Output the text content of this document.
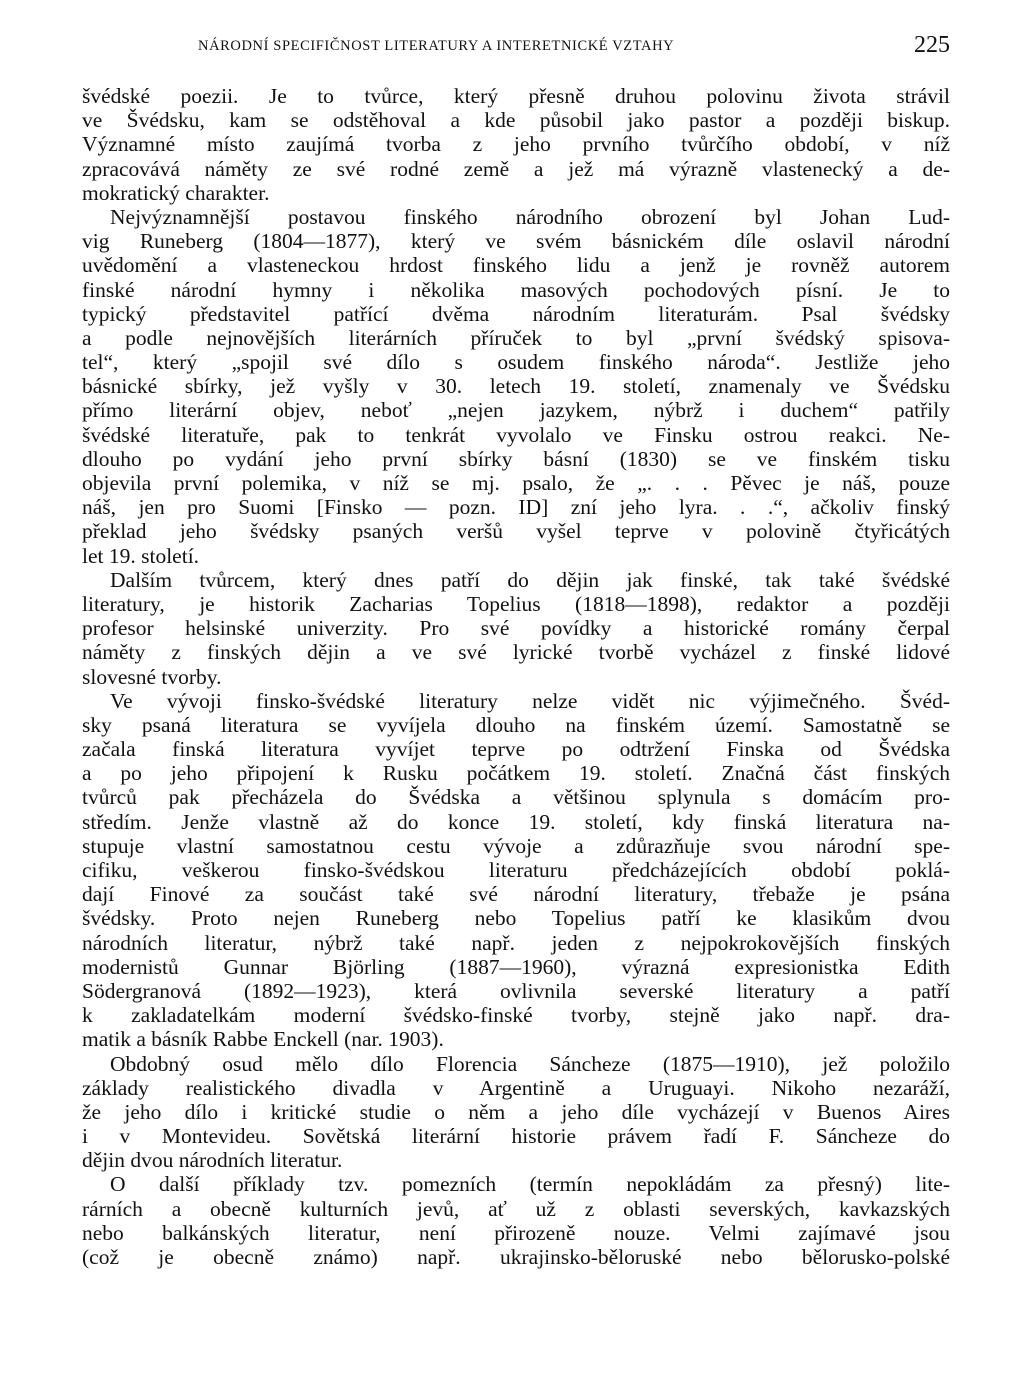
NÁRODNÍ SPECIFIČNOST LITERATURY A INTERETNICKÉ VZTAHY	225
švédské poezii. Je to tvůrce, který přesně druhou polovinu života strávil
ve Švédsku, kam se odstěhoval a kde působil jako pastor a později biskup.
Významné místo zaujímá tvorba z jeho prvního tvůrčího období, v níž
zpracovává náměty ze své rodné země a jež má výrazně vlastenecký a de-
mokratický charakter.
Nejvýznamnější postavou finského národního obrození byl Johan Lud-
vig Runeberg (1804—1877), který ve svém básnickém díle oslavil národní
uvědomění a vlasteneckou hrdost finského lidu a jenž je rovněž autorem
finské národní hymny i několika masových pochodových písní. Je to
typický představitel patřící dvěma národním literaturám. Psal švédsky
a podle nejnovějších literárních příruček to byl „první švédský spisova-
tel“, který „spojil své dílo s osudem finského národa“. Jestliže jeho
básnické sbírky, jež vyšly v 30. letech 19. století, znamenaly ve Švédsku
přímo literární objev, neboť „nejen jazykem, nýbrž i duchem“ patřily
švédské literatuře, pak to tenkrát vyvolalo ve Finsku ostrou reakci. Ne-
dlouho po vydání jeho první sbírky básní (1830) se ve finském tisku
objevila první polemika, v níž se mj. psalo, že „. . . Pěvec je náš, pouze
náš, jen pro Suomi [Finsko — pozn. ID] zní jeho lyra. . .“, ačkoliv finský
překlad jeho švédsky psaných veršů vyšel teprve v polovině čtyřicátých
let 19. století.
Dalším tvůrcem, který dnes patří do dějin jak finské, tak také švédské
literatury, je historik Zacharias Topelius (1818—1898), redaktor a později
profesor helsinské univerzity. Pro své povídky a historické romány čerpal
náměty z finských dějin a ve své lyrické tvorbě vycházel z finské lidové
slovesné tvorby.
Ve vývoji finsko-švédské literatury nelze vidět nic výjimečného. Švéd-
sky psaná literatura se vyvíjela dlouho na finském území. Samostatně se
začala finská literatura vyvíjet teprve po odtržení Finska od Švédska
a po jeho připojení k Rusku počátkem 19. století. Značná část finských
tvůrců pak přecházela do Švédska a většinou splynula s domácím pro-
středím. Jenže vlastně až do konce 19. století, kdy finská literatura na-
stupuje vlastní samostatnou cestu vývoje a zdůrazňuje svou národní spe-
cifiku, veškerou finsko-švédskou literaturu předcházejících období poklá-
dají Finové za součást také své národní literatury, třebaže je psána
švédsky. Proto nejen Runeberg nebo Topelius patří ke klasikům dvou
národních literatur, nýbrž také např. jeden z nejpokrokovějších finských
modernistů Gunnar Björling (1887—1960), výrazná expresionistka Edith
Södergranová (1892—1923), která ovlivnila severské literatury a patří
k zakladatelkám moderní švédsko-finské tvorby, stejně jako např. dra-
matik a básník Rabbe Enckell (nar. 1903).
Obdobný osud mělo dílo Florencia Sáncheze (1875—1910), jež položilo
základy realistického divadla v Argentině a Uruguayi. Nikoho nezaráží,
že jeho dílo i kritické studie o něm a jeho díle vycházejí v Buenos Aires
i v Montevideu. Sovětská literární historie právem řadí F. Sáncheze do
dějin dvou národních literatur.
O další příklady tzv. pomezních (termín nepokládám za přesný) lite-
rárních a obecně kulturních jevů, ať už z oblasti severských, kavkazských
nebo balkánských literatur, není přirozeně nouze. Velmi zajímavé jsou
(což je obecně známo) např. ukrajinsko-běloruské nebo bělorusko-polské
